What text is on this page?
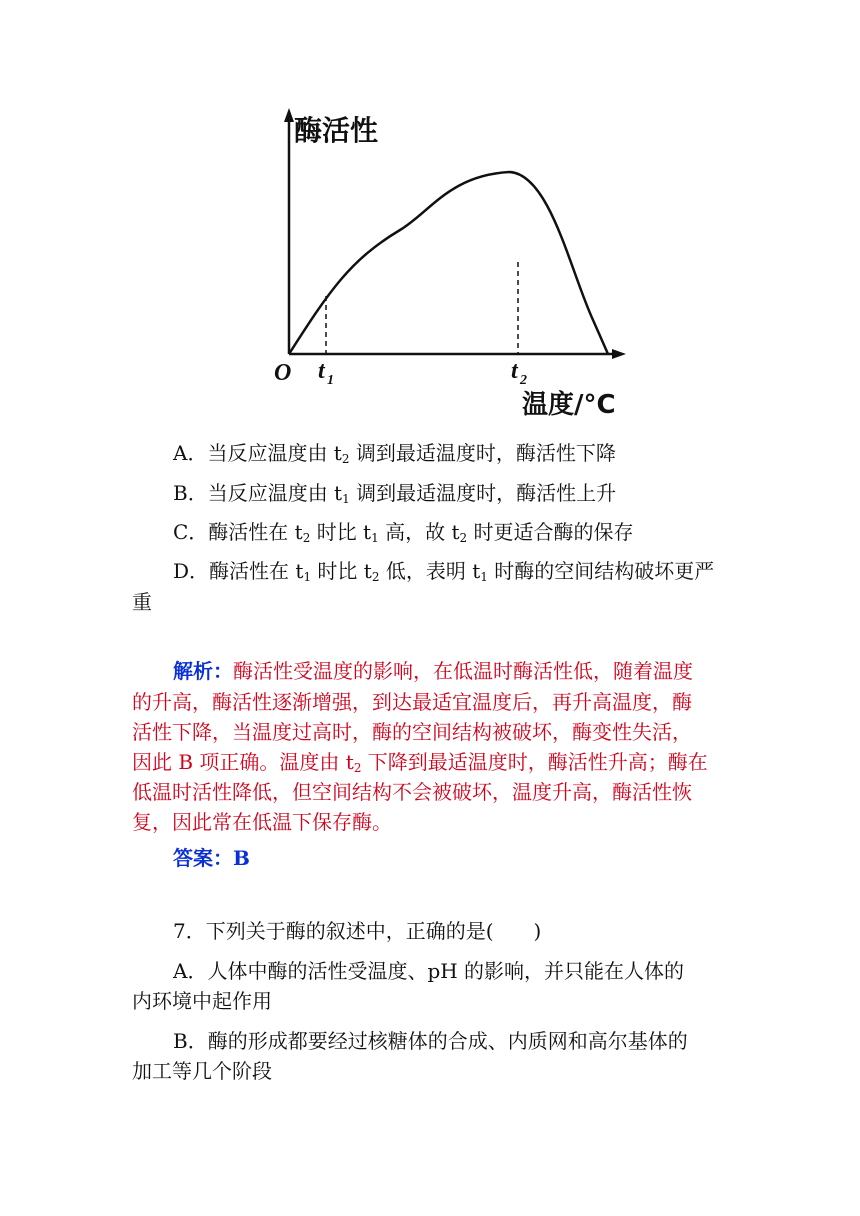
酶活性
O t 1	t 2
温度/°C
A．当反应温度由 $t_2$ 调到最适温度时，酶活性下降
B．当反应温度由 $t_1$ 调到最适温度时，酶活性上升
C．酶活性在 $t_2$ 时比 $t_1$ 高，故 $t_2$ 时更适合酶的保存
D．酶活性在 $t_1$ 时比 $t_2$ 低，表明 $t_1$ 时酶的空间结构破坏更严
重
解析：酶活性受温度的影响，在低温时酶活性低，随着温度
的升高，酶活性逐渐增强，到达最适宜温度后，再升高温度，酶
活性下降，当温度过高时，酶的空间结构被破坏，酶变性失活，
因此 B 项正确。温度由 $t_2$ 下降到最适温度时，酶活性升高；酶在
低温时活性降低，但空间结构不会被破坏，温度升高，酶活性恢
复，因此常在低温下保存酶。
答案：B
7．下列关于酶的叙述中，正确的是(　　)
A．人体中酶的活性受温度、pH 的影响，并只能在人体的
内环境中起作用
B．酶的形成都要经过核糖体的合成、内质网和高尔基体的
加工等几个阶段
